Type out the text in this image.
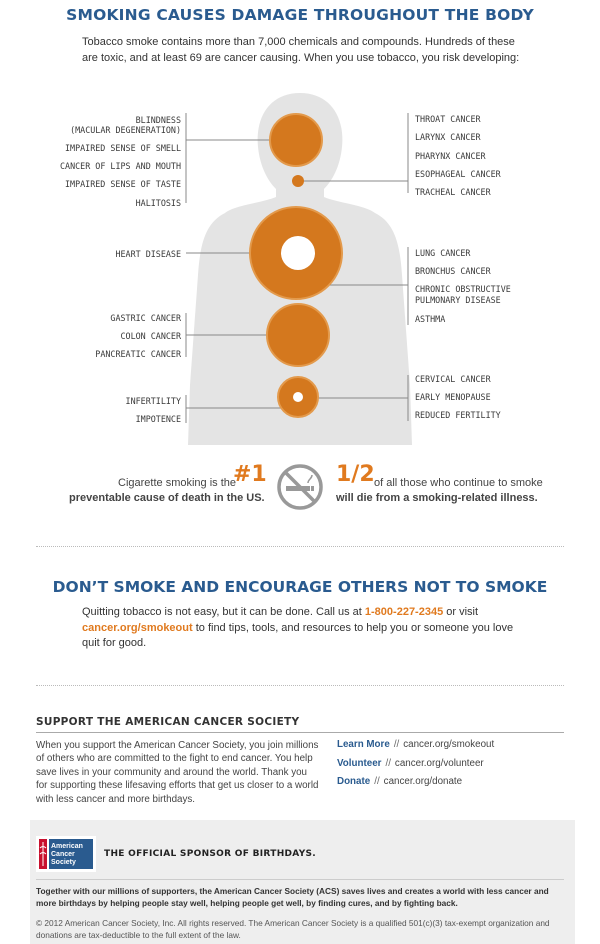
SMOKING CAUSES DAMAGE THROUGHOUT THE BODY
Tobacco smoke contains more than 7,000 chemicals and compounds. Hundreds of these are toxic, and at least 69 are cancer causing. When you use tobacco, you risk developing:
BLINDNESS
(MACULAR DEGENERATION)
IMPAIRED SENSE OF SMELL
CANCER OF LIPS AND MOUTH
IMPAIRED SENSE OF TASTE
HALITOSIS
HEART DISEASE
GASTRIC CANCER
COLON CANCER
PANCREATIC CANCER
INFERTILITY
IMPOTENCE
THROAT CANCER
LARYNX CANCER
PHARYNX CANCER
ESOPHAGEAL CANCER
TRACHEAL CANCER
LUNG CANCER
BRONCHUS CANCER
CHRONIC OBSTRUCTIVE
PULMONARY DISEASE
ASTHMA
CERVICAL CANCER
EARLY MENOPAUSE
REDUCED FERTILITY
Cigarette smoking is the
#1
preventable cause of death in the US.
1/2 of all those who continue to smoke
will die from a smoking-related illness.
DON’T SMOKE AND ENCOURAGE OTHERS NOT TO SMOKE
Quitting tobacco is not easy, but it can be done. Call us at 1-800-227-2345 or visit
cancer.org/smokeout to find tips, tools, and resources to help you or someone you love quit for good.
SUPPORT THE AMERICAN CANCER SOCIETY
When you support the American Cancer Society, you join millions of others who are committed to the fight to end cancer. You help save lives in your community and around the world. Thank you for supporting these lifesaving efforts that get us closer to a world with less cancer and more birthdays.
Learn More // cancer.org/smokeout
Volunteer // cancer.org/volunteer
Donate // cancer.org/donate
American
Cancer
Society
THE OFFICIAL SPONSOR OF BIRTHDAYS.
Together with our millions of supporters, the American Cancer Society (ACS) saves lives and creates a world with less cancer and more birthdays by helping people stay well, helping people get well, by finding cures, and by fighting back.
© 2012 American Cancer Society, Inc. All rights reserved. The American Cancer Society is a qualified 501(c)(3) tax-exempt organization and donations are tax-deductible to the full extent of the law.
